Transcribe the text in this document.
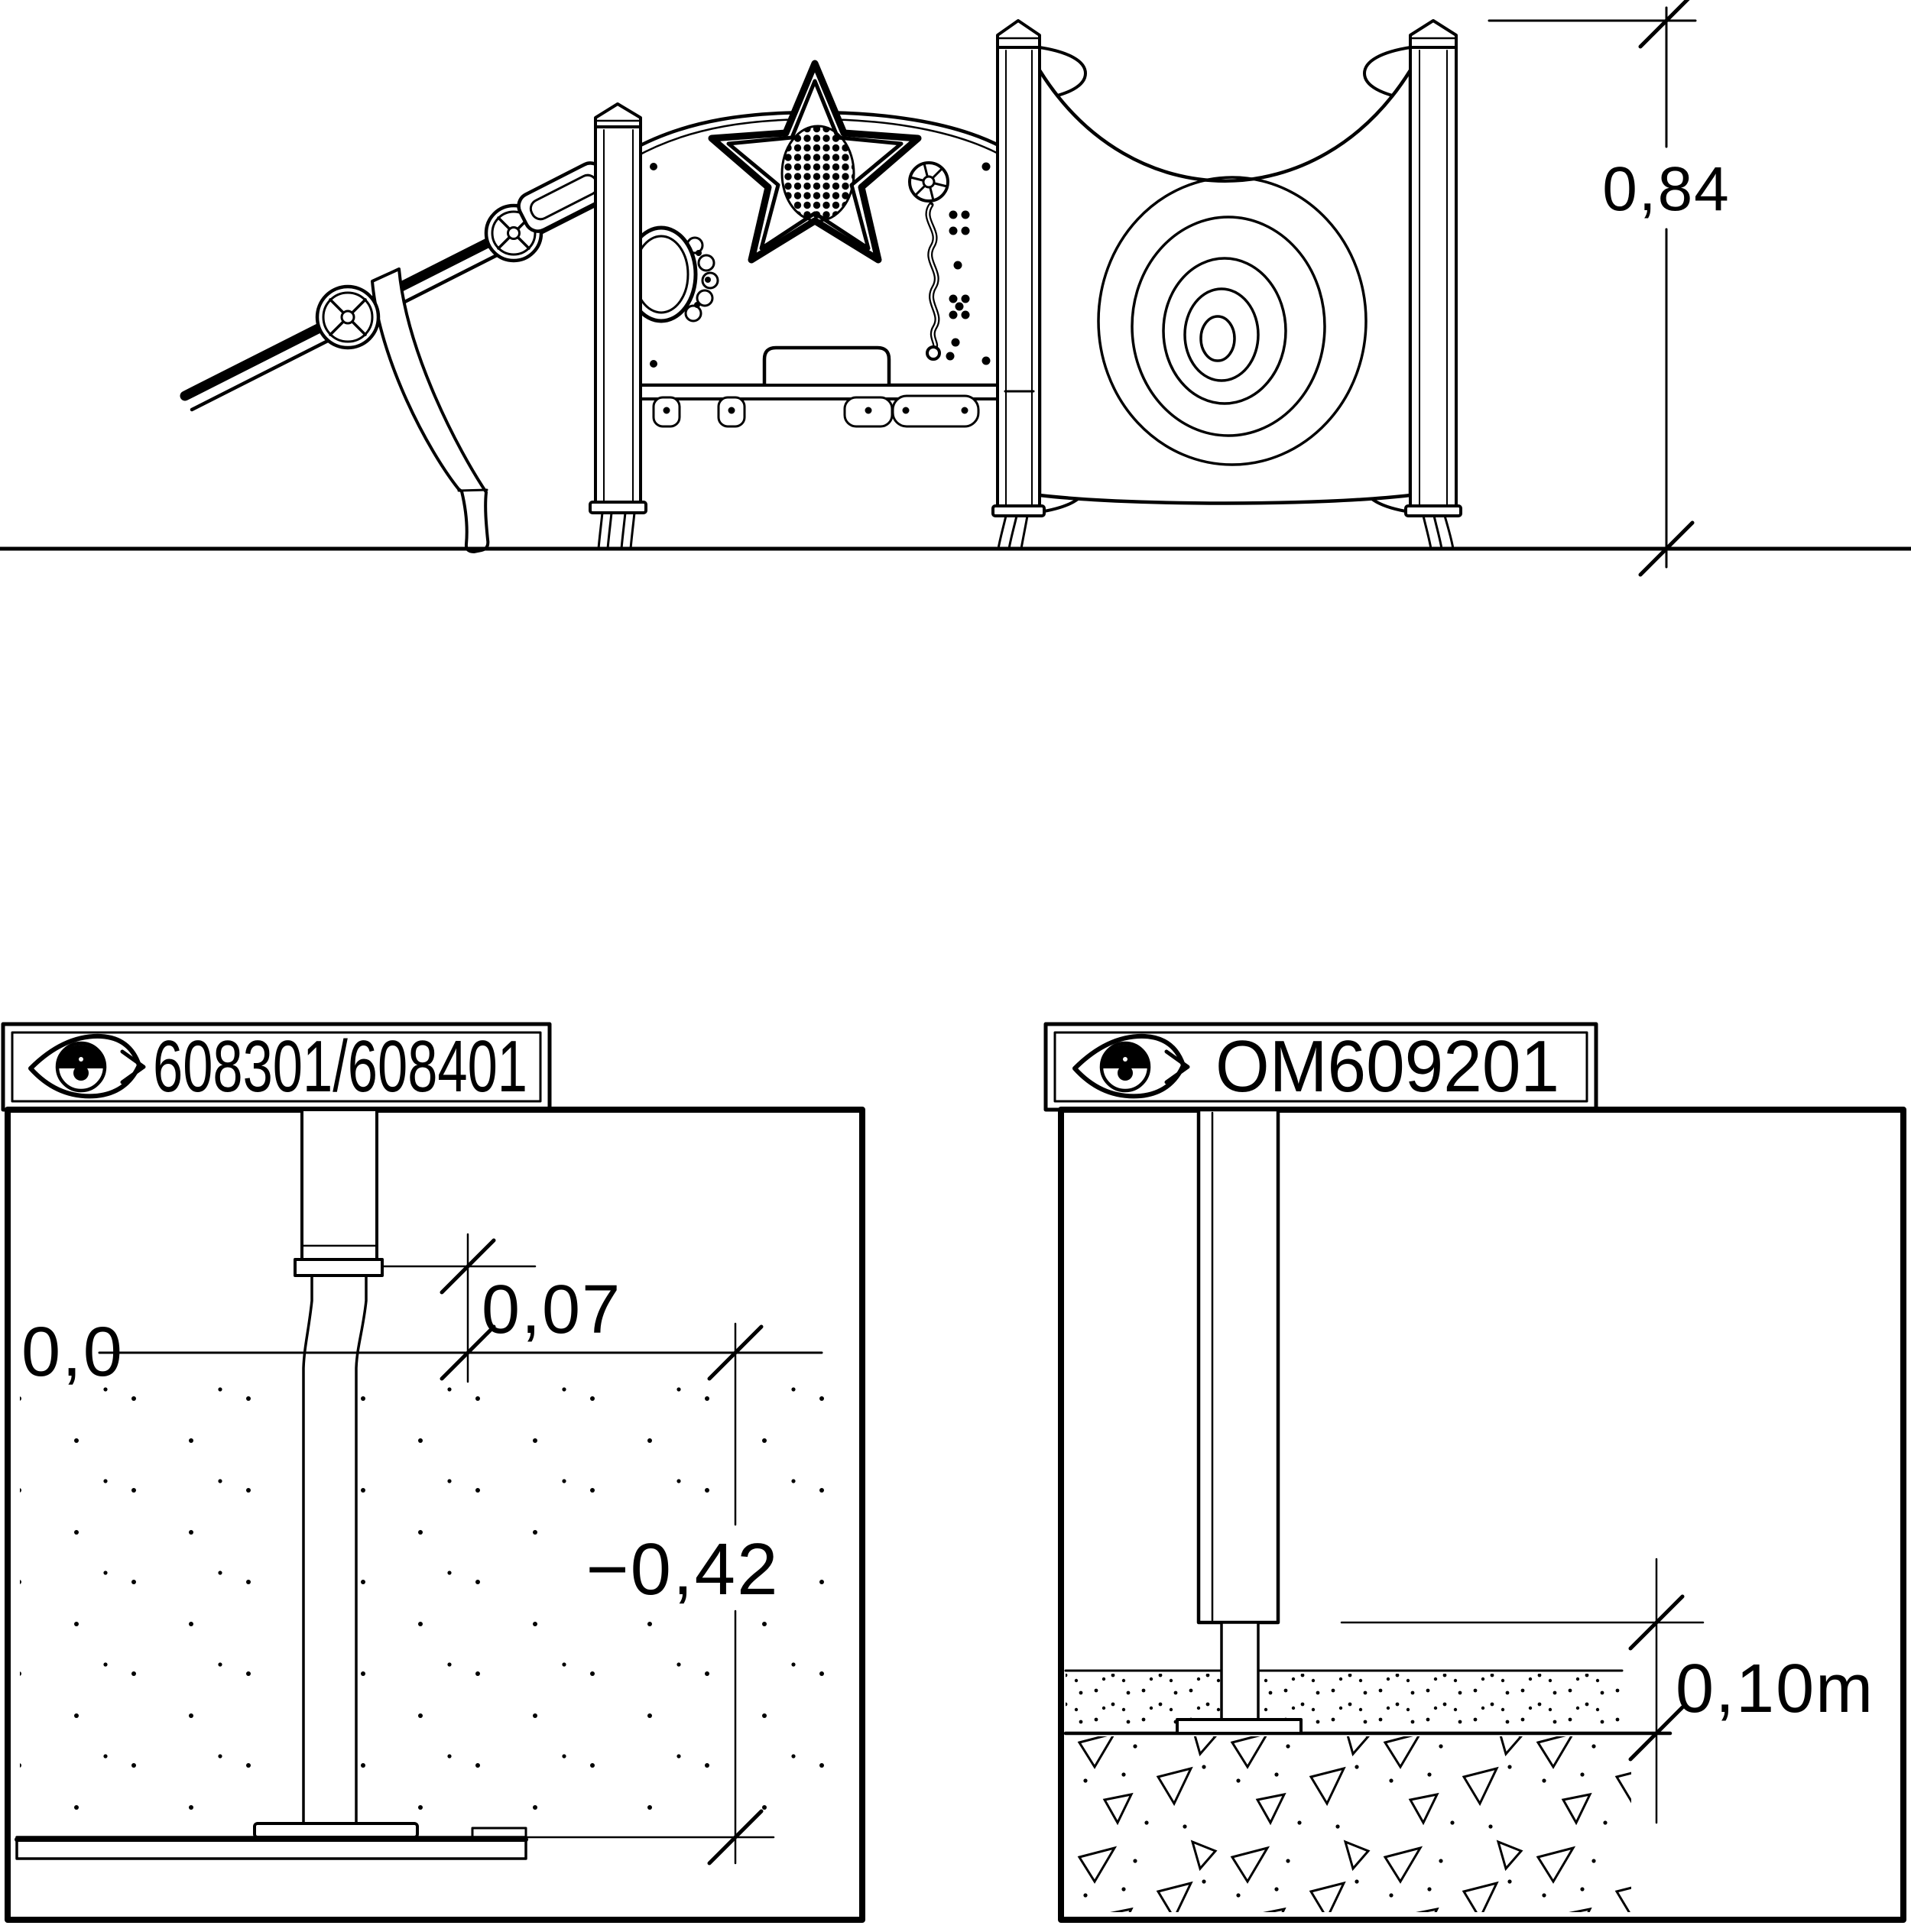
0,84
608301/608401
0,0
0,07
−0,42
OM609201
0,10m
